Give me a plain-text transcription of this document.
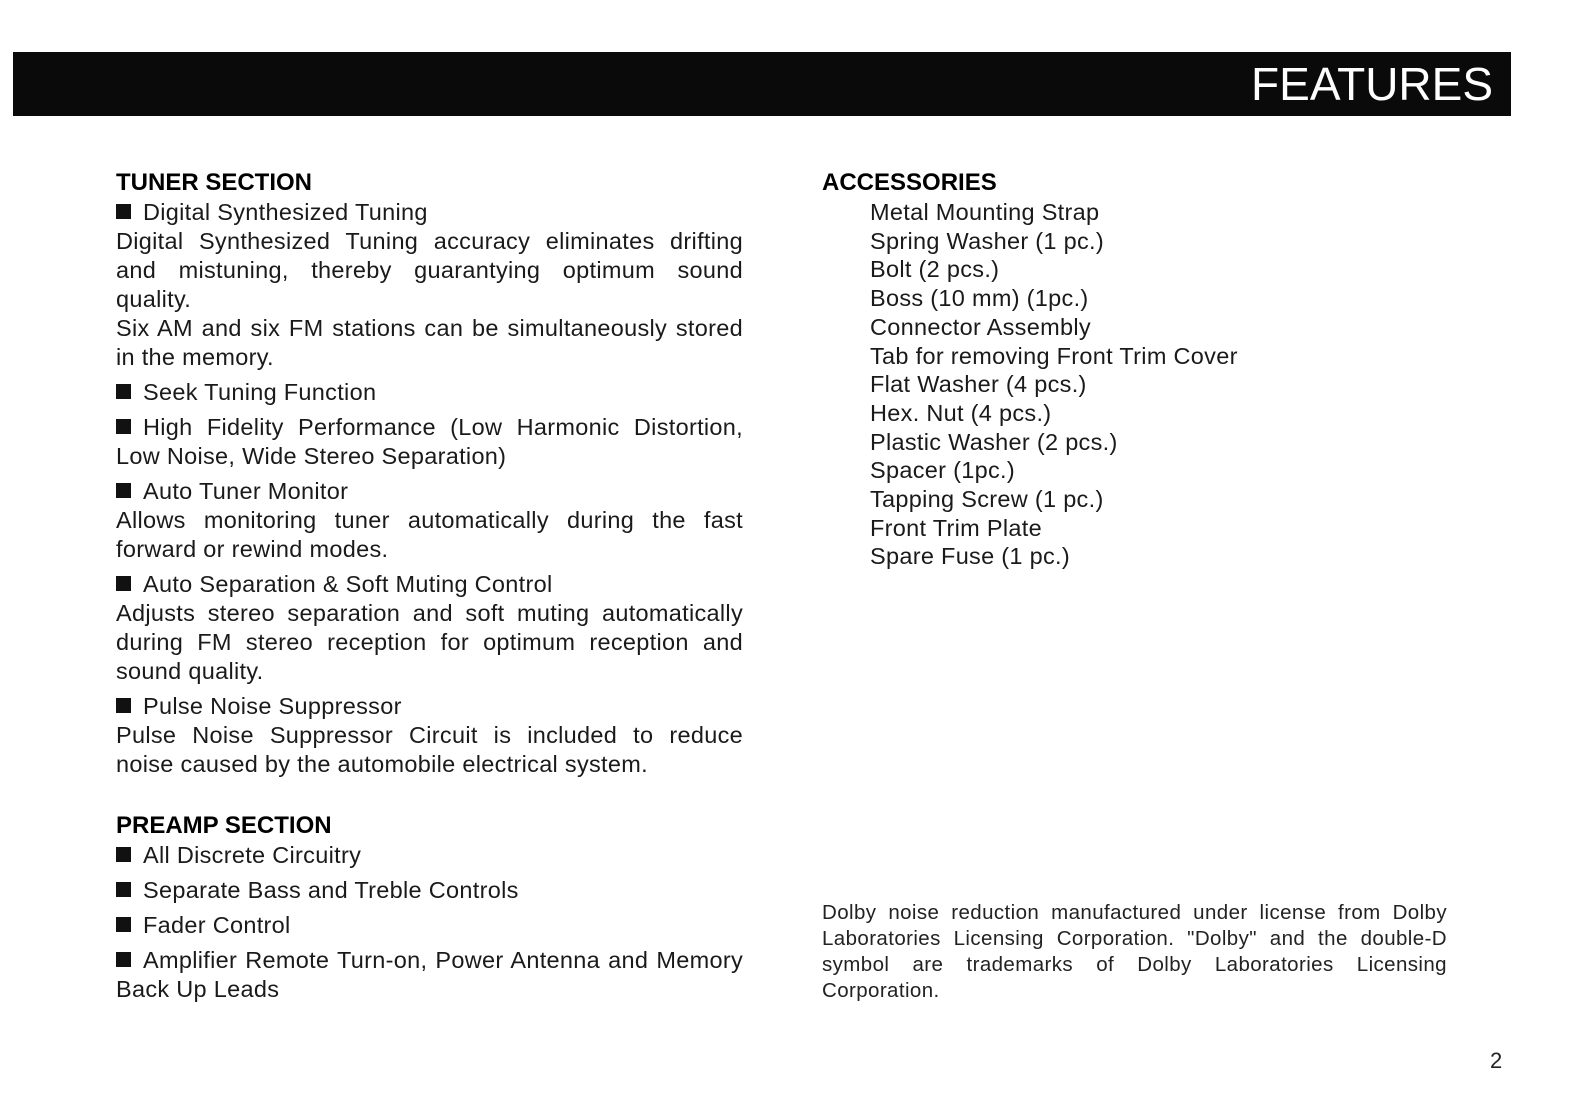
FEATURES
TUNER SECTION
Digital Synthesized Tuning
Digital Synthesized Tuning accuracy eliminates drifting and mistuning, thereby guarantying optimum sound quality.
Six AM and six FM stations can be simultaneously stored in the memory.
Seek Tuning Function
High Fidelity Performance (Low Harmonic Distortion, Low Noise, Wide Stereo Separation)
Auto Tuner Monitor
Allows monitoring tuner automatically during the fast forward or rewind modes.
Auto Separation & Soft Muting Control
Adjusts stereo separation and soft muting automatically during FM stereo reception for optimum reception and sound quality.
Pulse Noise Suppressor
Pulse Noise Suppressor Circuit is included to reduce noise caused by the automobile electrical system.
PREAMP SECTION
All Discrete Circuitry
Separate Bass and Treble Controls
Fader Control
Amplifier Remote Turn-on, Power Antenna and Memory Back Up Leads
ACCESSORIES
Metal Mounting Strap
Spring Washer (1 pc.)
Bolt (2 pcs.)
Boss (10 mm) (1pc.)
Connector Assembly
Tab for removing Front Trim Cover
Flat Washer (4 pcs.)
Hex. Nut (4 pcs.)
Plastic Washer (2 pcs.)
Spacer (1pc.)
Tapping Screw (1 pc.)
Front Trim Plate
Spare Fuse (1 pc.)
Dolby noise reduction manufactured under license from Dolby Laboratories Licensing Corporation. "Dolby" and the double-D symbol are trademarks of Dolby Laboratories Licensing Corporation.
2
